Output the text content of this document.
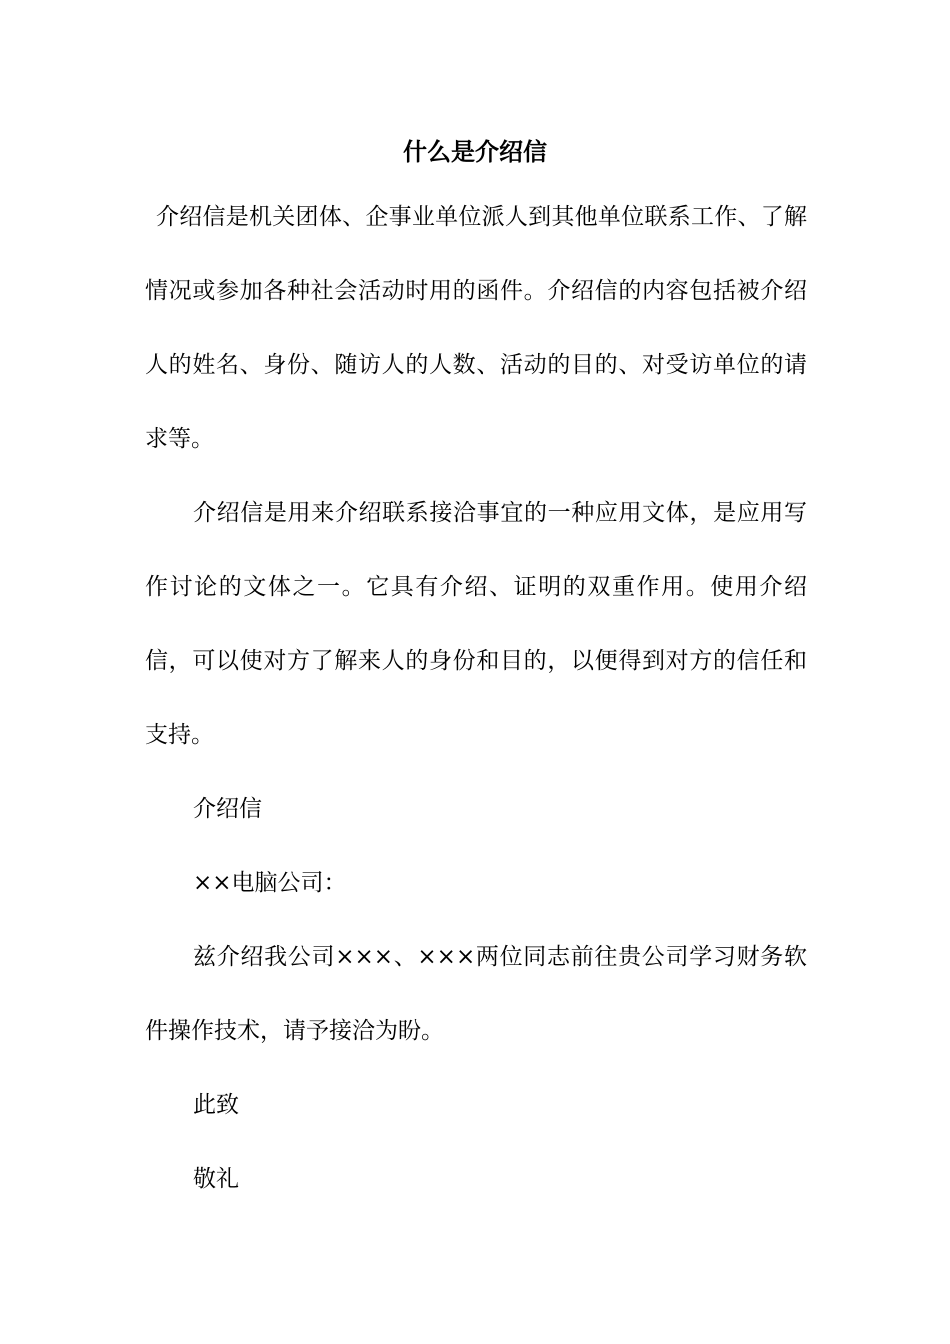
什么是介绍信

介绍信是机关团体、企事业单位派人到其他单位联系工作、了解情况或参加各种社会活动时用的函件。介绍信的内容包括被介绍人的姓名、身份、随访人的人数、活动的目的、对受访单位的请求等。

介绍信是用来介绍联系接洽事宜的一种应用文体，是应用写作讨论的文体之一。它具有介绍、证明的双重作用。使用介绍信，可以使对方了解来人的身份和目的，以便得到对方的信任和支持。

介绍信

××电脑公司：

兹介绍我公司×××、×××两位同志前往贵公司学习财务软件操作技术，请予接洽为盼。

此致

敬礼
